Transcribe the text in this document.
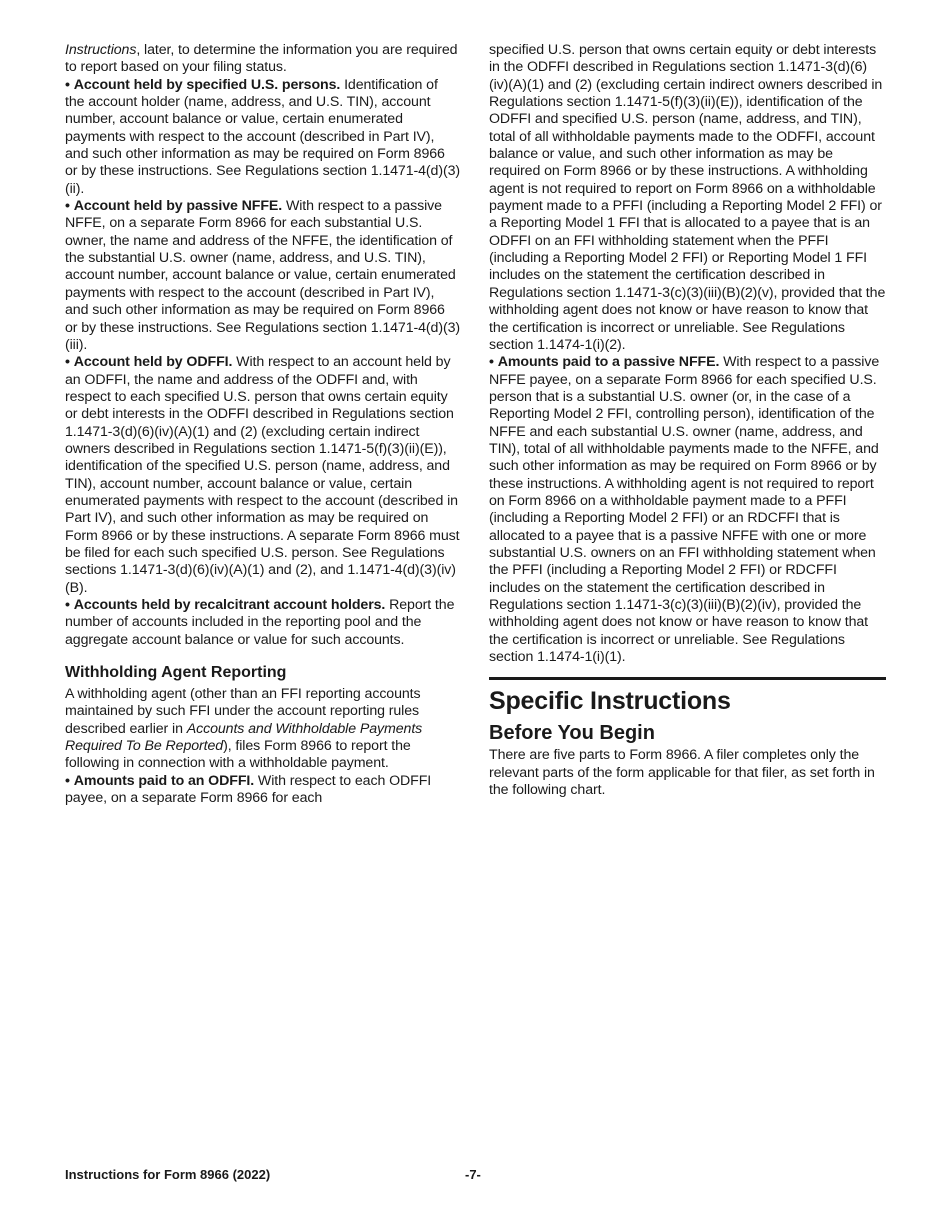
Instructions, later, to determine the information you are required to report based on your filing status.

• Account held by specified U.S. persons. Identification of the account holder (name, address, and U.S. TIN), account number, account balance or value, certain enumerated payments with respect to the account (described in Part IV), and such other information as may be required on Form 8966 or by these instructions. See Regulations section 1.1471-4(d)(3)(ii).

• Account held by passive NFFE. With respect to a passive NFFE, on a separate Form 8966 for each substantial U.S. owner, the name and address of the NFFE, the identification of the substantial U.S. owner (name, address, and U.S. TIN), account number, account balance or value, certain enumerated payments with respect to the account (described in Part IV), and such other information as may be required on Form 8966 or by these instructions. See Regulations section 1.1471-4(d)(3)(iii).

• Account held by ODFFI. With respect to an account held by an ODFFI, the name and address of the ODFFI and, with respect to each specified U.S. person that owns certain equity or debt interests in the ODFFI described in Regulations section 1.1471-3(d)(6)(iv)(A)(1) and (2) (excluding certain indirect owners described in Regulations section 1.1471-5(f)(3)(ii)(E)), identification of the specified U.S. person (name, address, and TIN), account number, account balance or value, certain enumerated payments with respect to the account (described in Part IV), and such other information as may be required on Form 8966 or by these instructions. A separate Form 8966 must be filed for each such specified U.S. person. See Regulations sections 1.1471-3(d)(6)(iv)(A)(1) and (2), and 1.1471-4(d)(3)(iv)(B).

• Accounts held by recalcitrant account holders. Report the number of accounts included in the reporting pool and the aggregate account balance or value for such accounts.

Withholding Agent Reporting

A withholding agent (other than an FFI reporting accounts maintained by such FFI under the account reporting rules described earlier in Accounts and Withholdable Payments Required To Be Reported), files Form 8966 to report the following in connection with a withholdable payment.

• Amounts paid to an ODFFI. With respect to each ODFFI payee, on a separate Form 8966 for each

specified U.S. person that owns certain equity or debt interests in the ODFFI described in Regulations section 1.1471-3(d)(6)(iv)(A)(1) and (2) (excluding certain indirect owners described in Regulations section 1.1471-5(f)(3)(ii)(E)), identification of the ODFFI and specified U.S. person (name, address, and TIN), total of all withholdable payments made to the ODFFI, account balance or value, and such other information as may be required on Form 8966 or by these instructions. A withholding agent is not required to report on Form 8966 on a withholdable payment made to a PFFI (including a Reporting Model 2 FFI) or a Reporting Model 1 FFI that is allocated to a payee that is an ODFFI on an FFI withholding statement when the PFFI (including a Reporting Model 2 FFI) or Reporting Model 1 FFI includes on the statement the certification described in Regulations section 1.1471-3(c)(3)(iii)(B)(2)(v), provided that the withholding agent does not know or have reason to know that the certification is incorrect or unreliable. See Regulations section 1.1474-1(i)(2).

• Amounts paid to a passive NFFE. With respect to a passive NFFE payee, on a separate Form 8966 for each specified U.S. person that is a substantial U.S. owner (or, in the case of a Reporting Model 2 FFI, controlling person), identification of the NFFE and each substantial U.S. owner (name, address, and TIN), total of all withholdable payments made to the NFFE, and such other information as may be required on Form 8966 or by these instructions. A withholding agent is not required to report on Form 8966 on a withholdable payment made to a PFFI (including a Reporting Model 2 FFI) or an RDCFFI that is allocated to a payee that is a passive NFFE with one or more substantial U.S. owners on an FFI withholding statement when the PFFI (including a Reporting Model 2 FFI) or RDCFFI includes on the statement the certification described in Regulations section 1.1471-3(c)(3)(iii)(B)(2)(iv), provided the withholding agent does not know or have reason to know that the certification is incorrect or unreliable. See Regulations section 1.1474-1(i)(1).

Specific Instructions
Before You Begin

There are five parts to Form 8966. A filer completes only the relevant parts of the form applicable for that filer, as set forth in the following chart.

Instructions for Form 8966 (2022)	-7-
